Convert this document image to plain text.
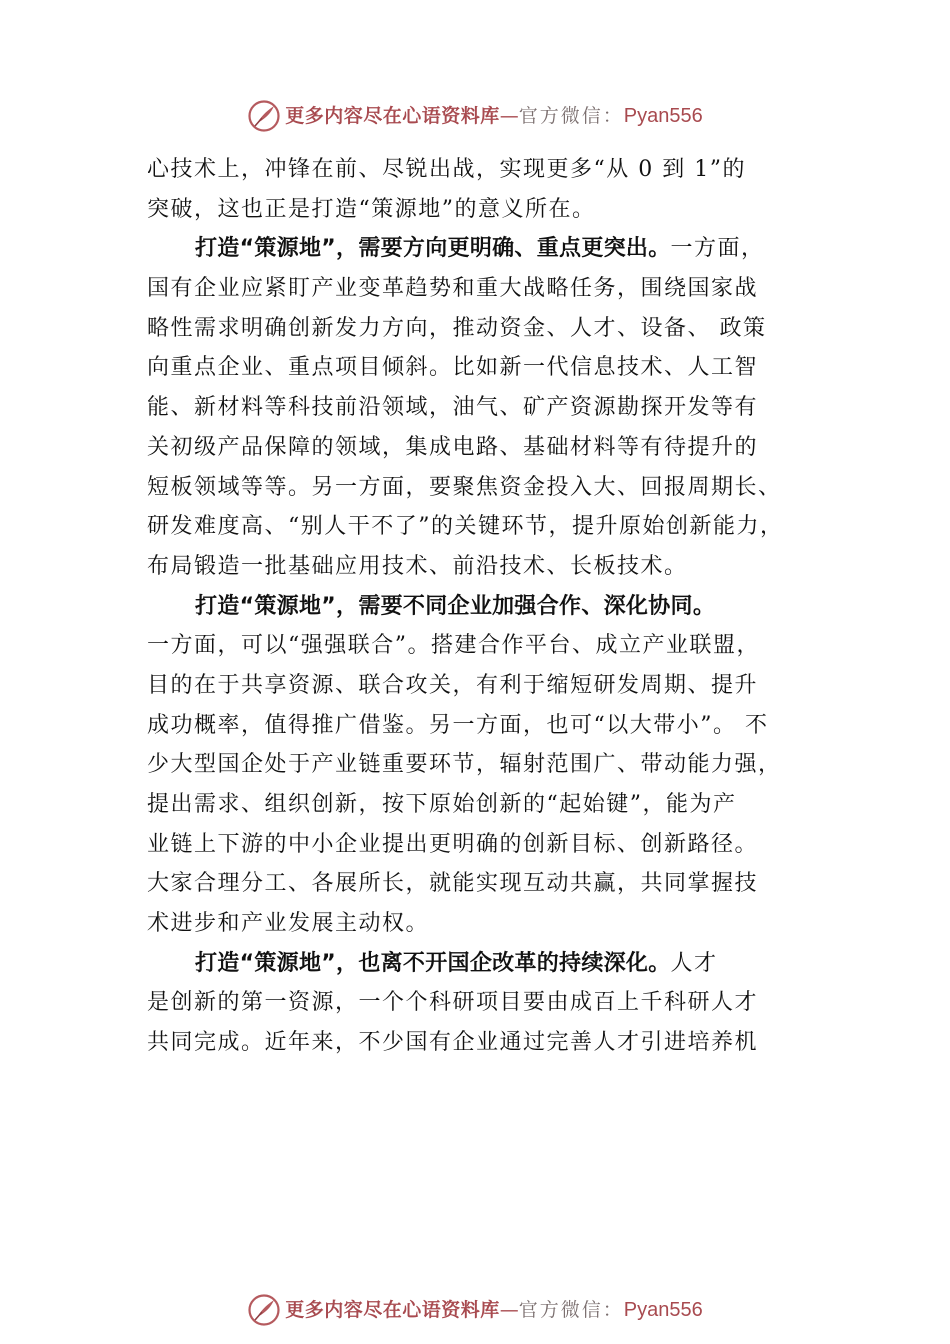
更多内容尽在心语资料库 — 官方微信： Pyan556
心技术上，冲锋在前、尽锐出战，实现更多“从 0 到 1”的
突破，这也正是打造“策源地”的意义所在。
打造“策源地”，需要方向更明确、重点更突出。一方面，
国有企业应紧盯产业变革趋势和重大战略任务，围绕国家战
略性需求明确创新发力方向，推动资金、人才、设备、 政策
向重点企业、重点项目倾斜。比如新一代信息技术、人工智
能、新材料等科技前沿领域，油气、矿产资源勘探开发等有
关初级产品保障的领域，集成电路、基础材料等有待提升的
短板领域等等。另一方面，要聚焦资金投入大、回报周期长、
研发难度高、“别人干不了”的关键环节，提升原始创新能力，
布局锻造一批基础应用技术、前沿技术、长板技术。
打造“策源地”，需要不同企业加强合作、深化协同。
一方面，可以“强强联合”。搭建合作平台、成立产业联盟，
目的在于共享资源、联合攻关，有利于缩短研发周期、提升
成功概率，值得推广借鉴。另一方面，也可“以大带小”。 不
少大型国企处于产业链重要环节，辐射范围广、带动能力强，
提出需求、组织创新，按下原始创新的“起始键”，能为产
业链上下游的中小企业提出更明确的创新目标、创新路径。
大家合理分工、各展所长，就能实现互动共赢，共同掌握技
术进步和产业发展主动权。
打造“策源地”，也离不开国企改革的持续深化。人才
是创新的第一资源，一个个科研项目要由成百上千科研人才
共同完成。近年来，不少国有企业通过完善人才引进培养机
更多内容尽在心语资料库 — 官方微信： Pyan556
